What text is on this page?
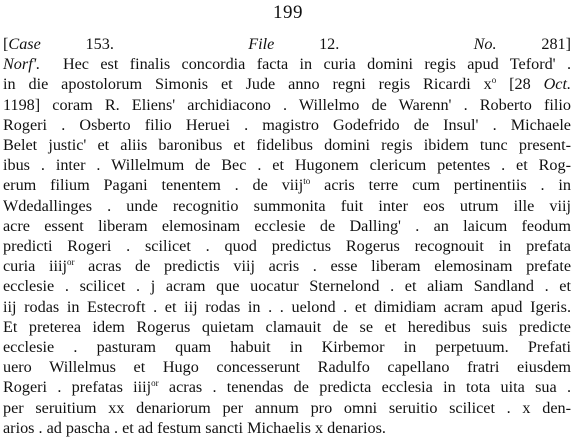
199
[Case	153.	File	12.	No.	281]
Norf'. Hec est finalis concordia facta in curia domini regis apud Teford' .
in die apostolorum Simonis et Jude anno regni regis Ricardi $x^o$ [28 Oct.
1198] coram R. Eliens' archidiacono . Willelmo de Warenn' . Roberto filio
Rogeri . Osberto filio Heruei . magistro Godefrido de Insul' . Michaele
Belet justic' et aliis baronibus et fidelibus domini regis ibidem tunc present-
ibus . inter . Willelmum de Bec . et Hugonem clericum petentes . et Rog-
erum filium Pagani tenentem . de viij$^{to}$ acris terre cum pertinentiis . in
Wdedallinges . unde recognitio summonita fuit inter eos utrum ille viij
acre essent liberam elemosinam ecclesie de Dalling' . an laicum feodum
predicti Rogeri . scilicet . quod predictus Rogerus recognouit in prefata
curia iiij$^{or}$ acras de predictis viij acris . esse liberam elemosinam prefate
ecclesie . scilicet . j acram que uocatur Sternelond . et aliam Sandland . et
iij rodas in Estecroft . et iij rodas in . . uelond . et dimidiam acram apud Igeris.
Et preterea idem Rogerus quietam clamauit de se et heredibus suis predicte
ecclesie . pasturam quam habuit in Kirbemor in perpetuum. Prefati
uero Willelmus et Hugo concesserunt Radulfo capellano fratri eiusdem
Rogeri . prefatas iiij$^{or}$ acras . tenendas de predicta ecclesia in tota uita sua .
per seruitium xx denariorum per annum pro omni seruitio scilicet . x den-
arios . ad pascha . et ad festum sancti Michaelis x denarios.
